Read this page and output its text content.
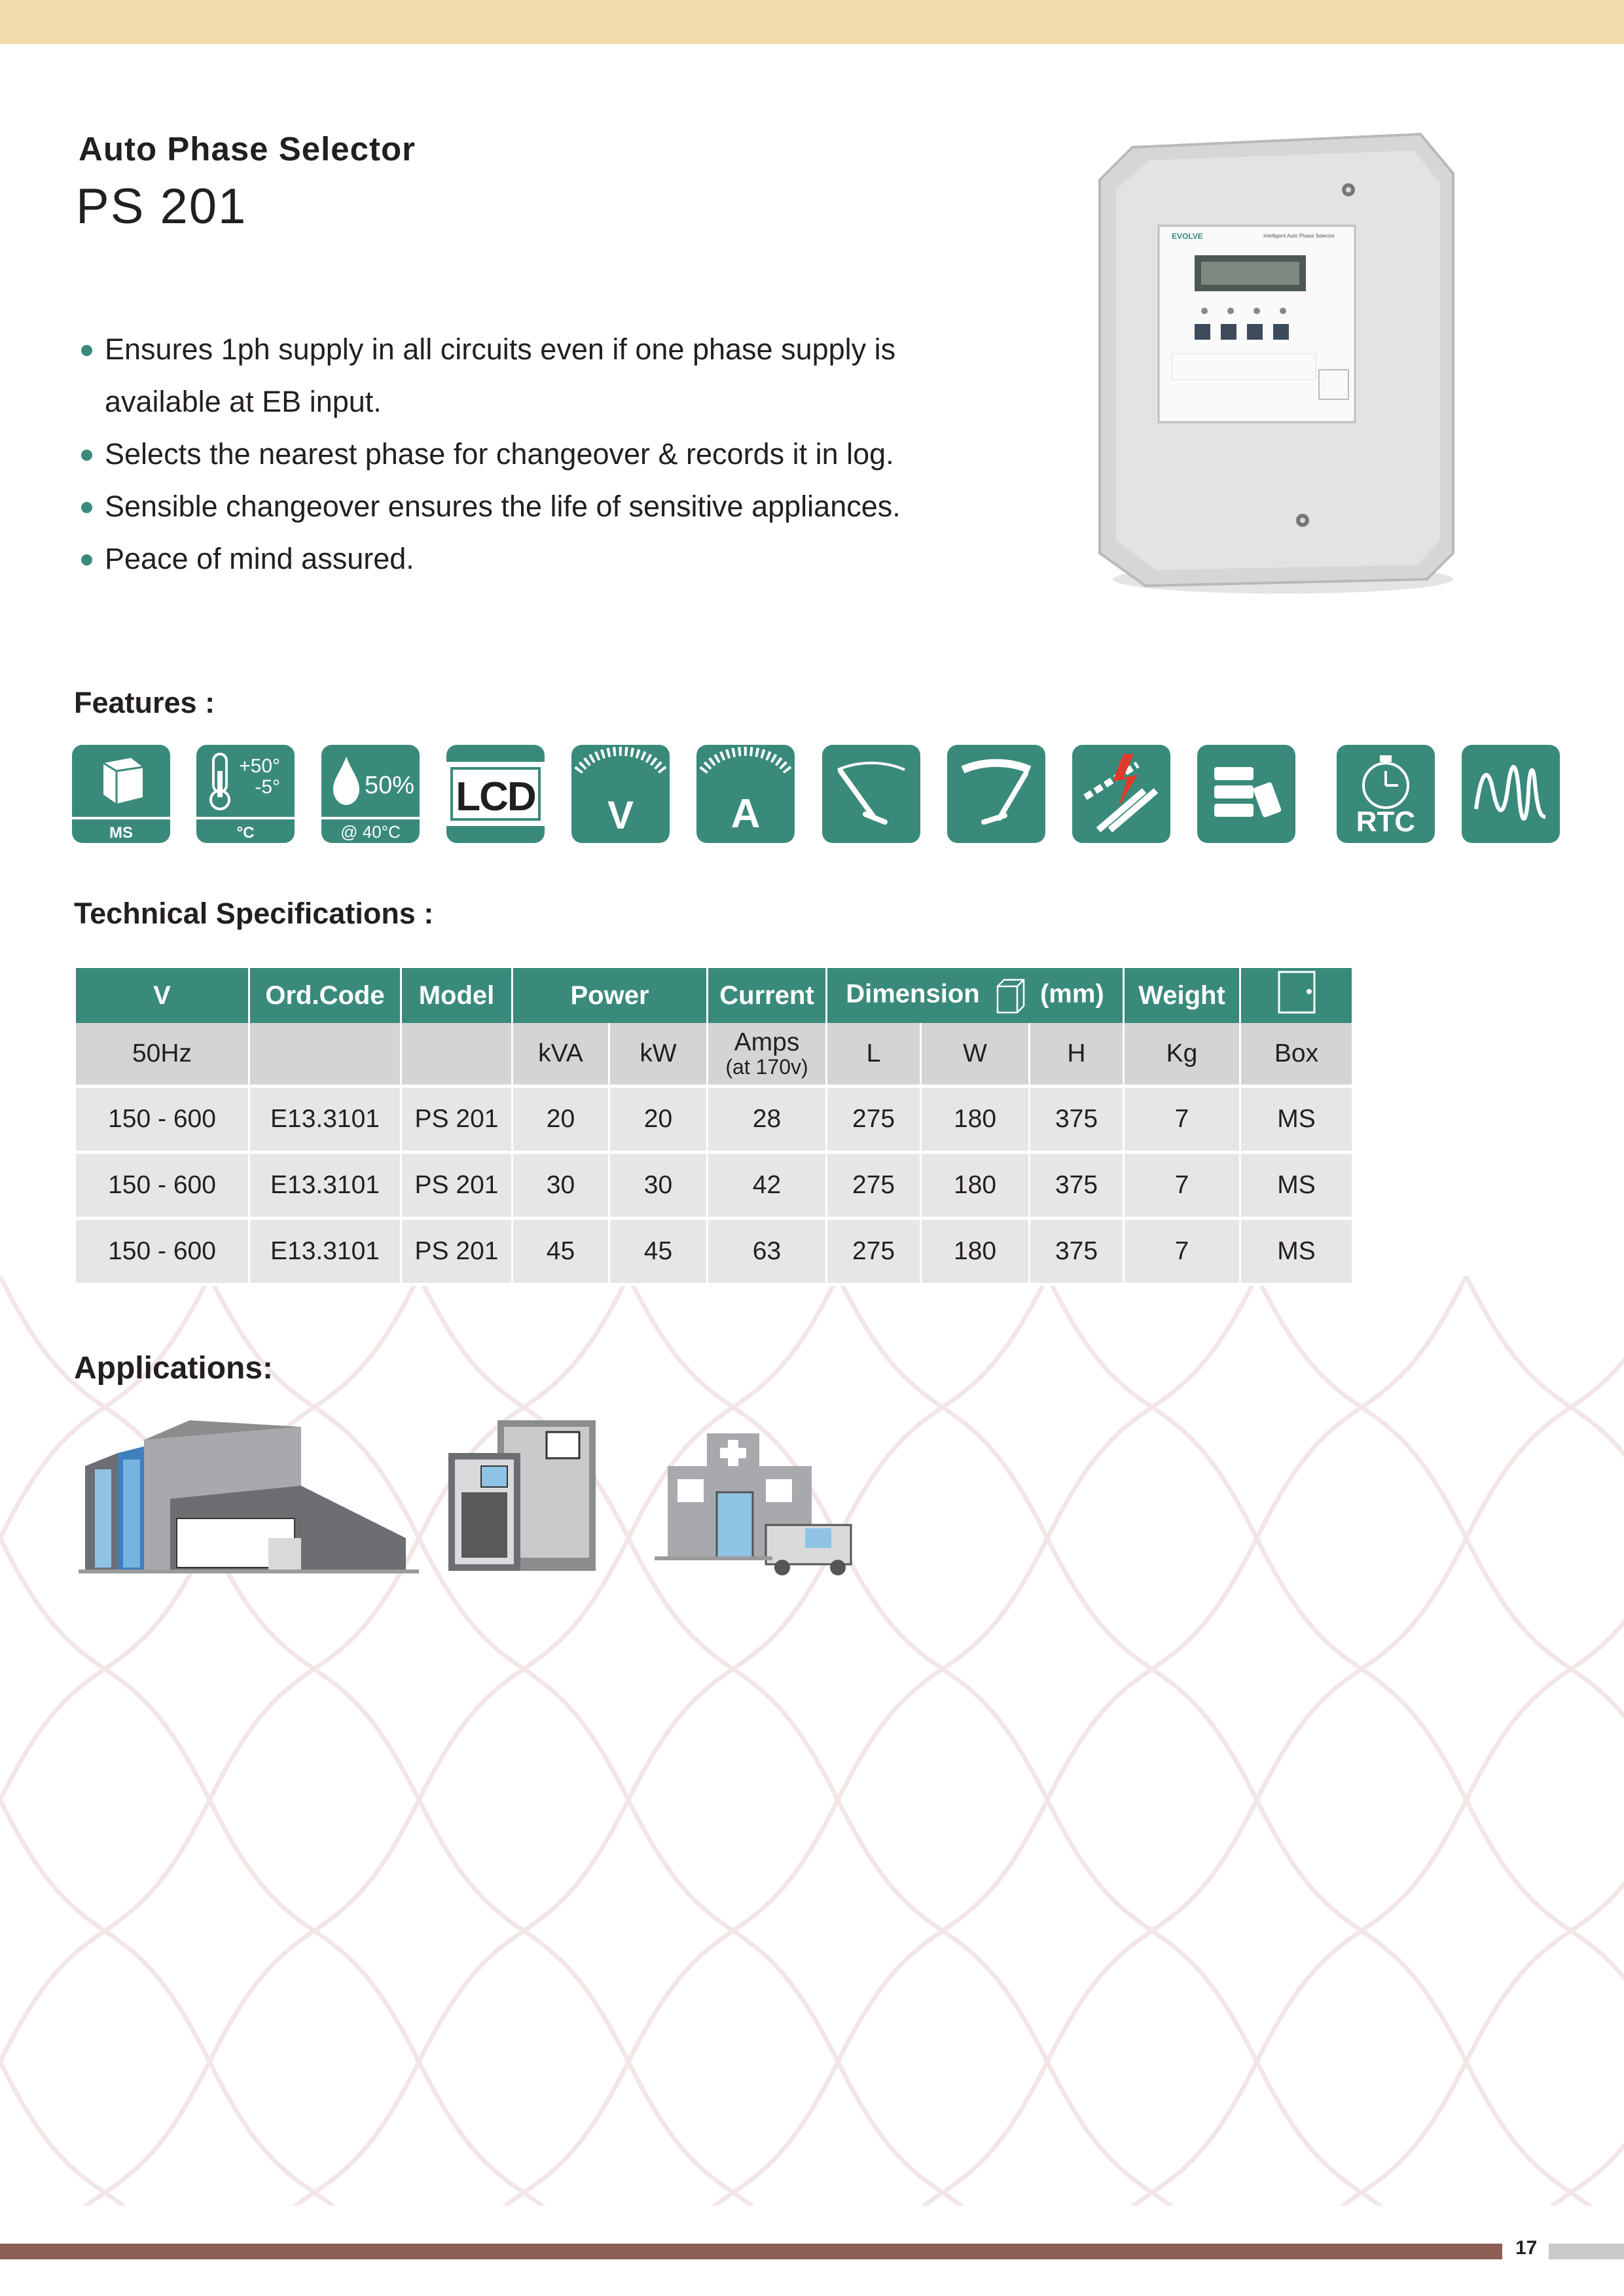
Auto Phase Selector
PS 201
EVOLVE	Intelligent Auto Phase Selector
Ensures 1ph supply in all circuits even if one phase supply is
available at EB input.
Selects the nearest phase for changeover & records it in log.
Sensible changeover ensures the life of sensitive appliances.
Peace of mind assured.
Features :
MS
+50°
-5°
°C
50%
@ 40°C
LCD V A	RTC
Technical Specifications :
V	Ord.Code	Model	Power		Current	Dimension (mm)			Weight	
50Hz			kVA	kW	Amps
(at 170v)	L	W	H	Kg	Box
150 - 600	E13.3101	PS 201	20	20	28	275	180	375	7	MS
150 - 600	E13.3101	PS 201	30	30	42	275	180	375	7	MS
150 - 600	E13.3101	PS 201	45	45	63	275	180	375	7	MS
Applications:
17
